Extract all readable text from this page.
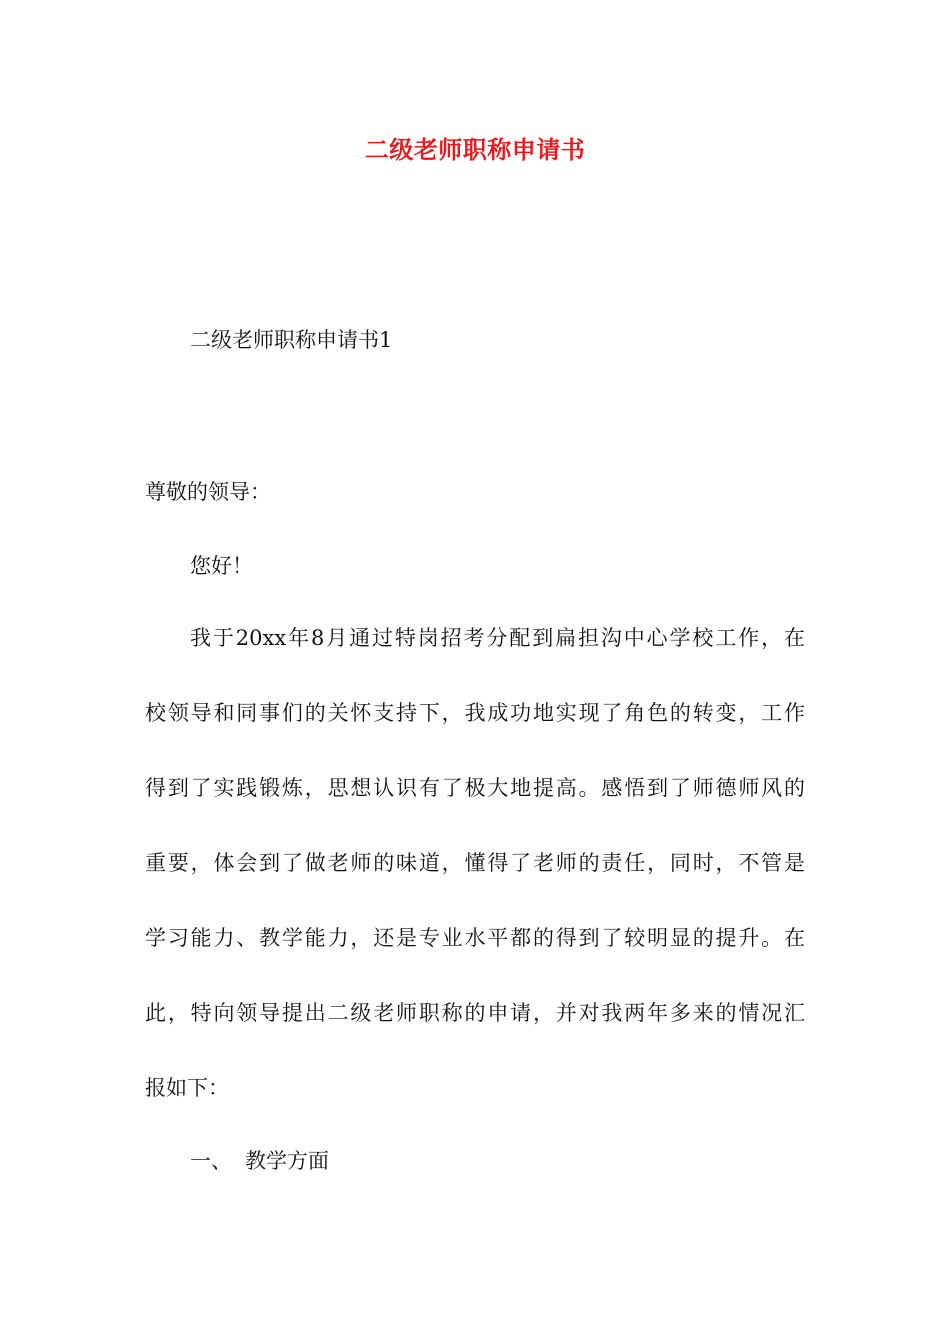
二级老师职称申请书
二级老师职称申请书1
尊敬的领导：
您好！
我于20xx年8月通过特岗招考分配到扁担沟中心学校工作，在
校领导和同事们的关怀支持下，我成功地实现了角色的转变，工作
得到了实践锻炼，思想认识有了极大地提高。感悟到了师德师风的
重要，体会到了做老师的味道，懂得了老师的责任，同时，不管是
学习能力、教学能力，还是专业水平都的得到了较明显的提升。在
此，特向领导提出二级老师职称的申请，并对我两年多来的情况汇
报如下：
一、 教学方面
